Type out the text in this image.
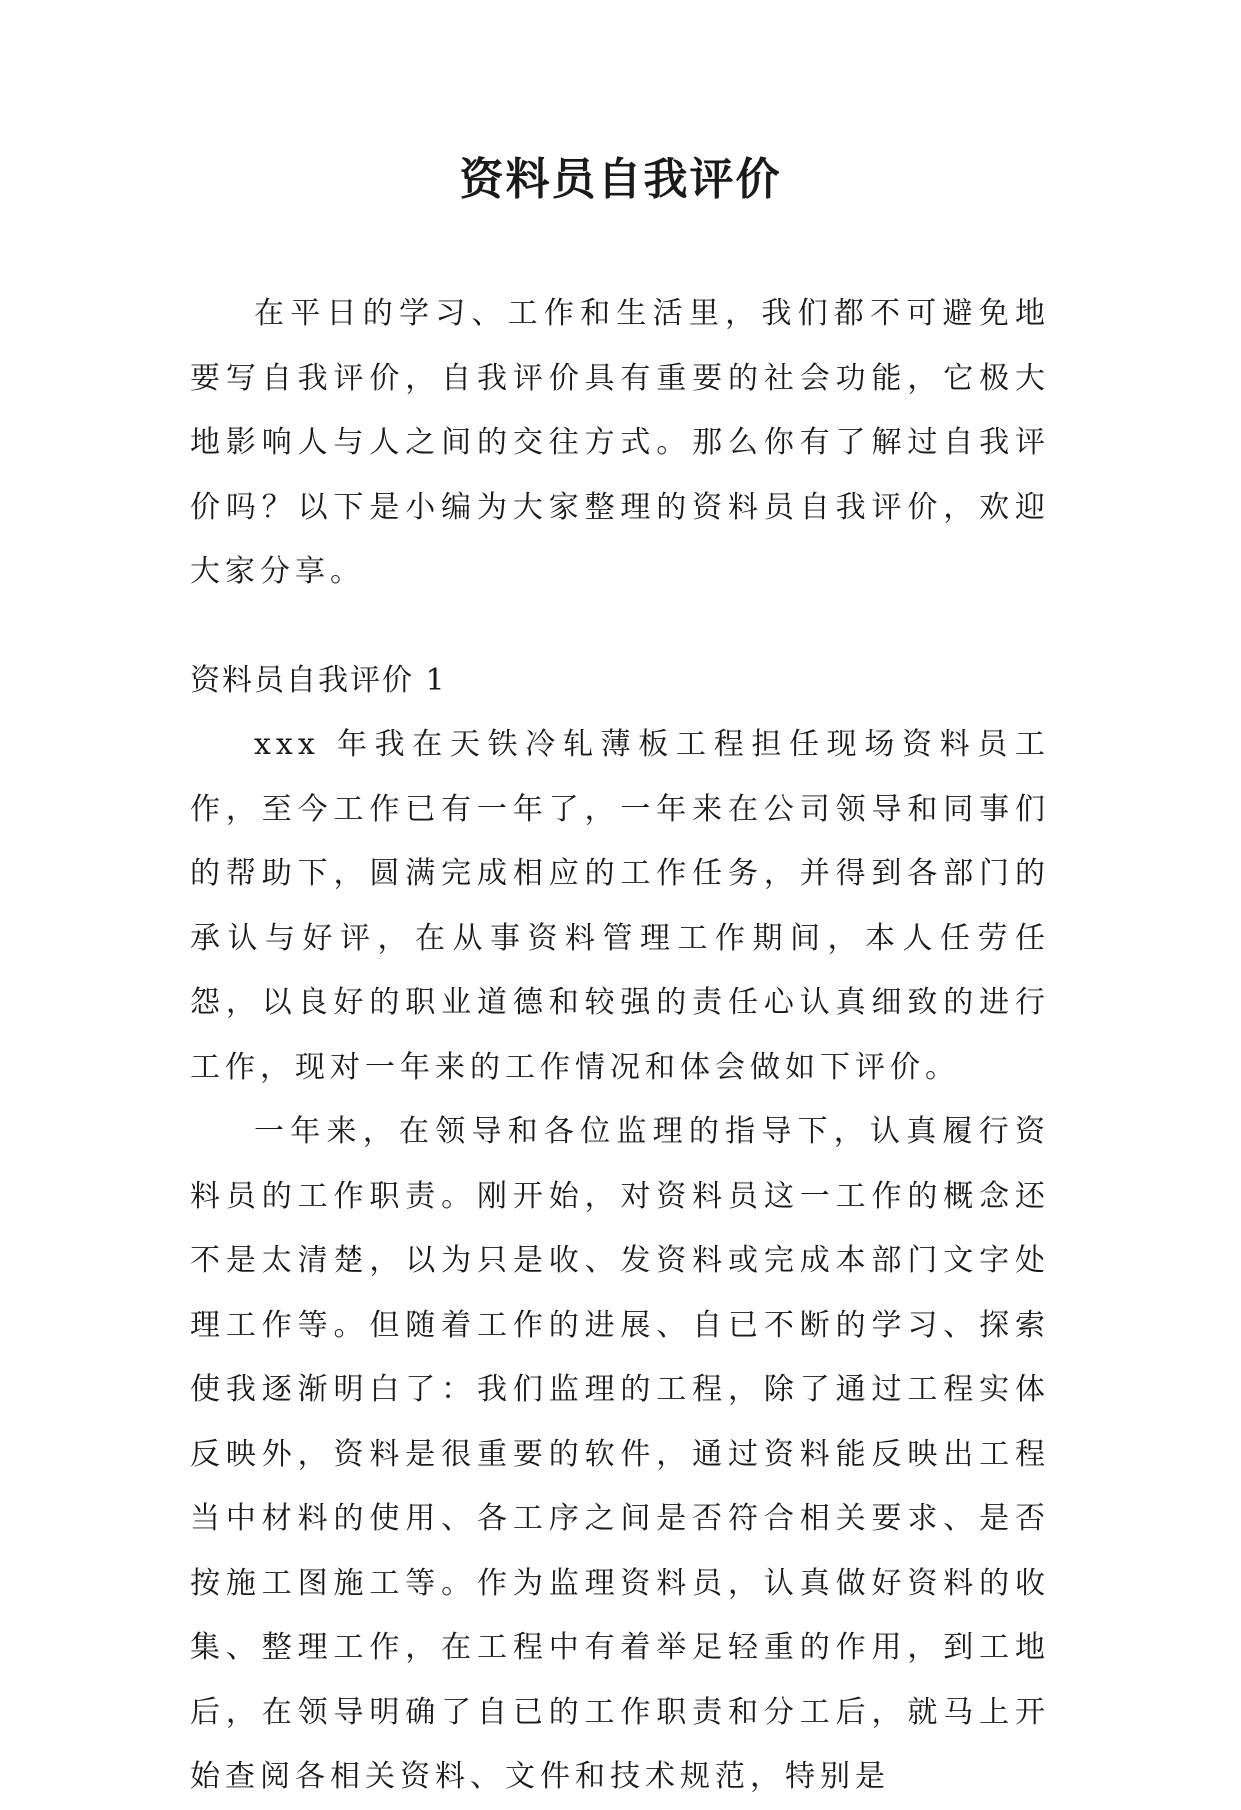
资料员自我评价

在平日的学习、工作和生活里，我们都不可避免地要写自我评价，自我评价具有重要的社会功能，它极大地影响人与人之间的交往方式。那么你有了解过自我评价吗？以下是小编为大家整理的资料员自我评价，欢迎大家分享。

资料员自我评价 1

xxx 年我在天铁冷轧薄板工程担任现场资料员工作，至今工作已有一年了，一年来在公司领导和同事们的帮助下，圆满完成相应的工作任务，并得到各部门的承认与好评，在从事资料管理工作期间，本人任劳任怨，以良好的职业道德和较强的责任心认真细致的进行工作，现对一年来的工作情况和体会做如下评价。

一年来，在领导和各位监理的指导下，认真履行资料员的工作职责。刚开始，对资料员这一工作的概念还不是太清楚，以为只是收、发资料或完成本部门文字处理工作等。但随着工作的进展、自已不断的学习、探索使我逐渐明白了：我们监理的工程，除了通过工程实体反映外，资料是很重要的软件，通过资料能反映出工程当中材料的使用、各工序之间是否符合相关要求、是否按施工图施工等。作为监理资料员，认真做好资料的收集、整理工作，在工程中有着举足轻重的作用，到工地后，在领导明确了自已的工作职责和分工后，就马上开始查阅各相关资料、文件和技术规范，特别是
